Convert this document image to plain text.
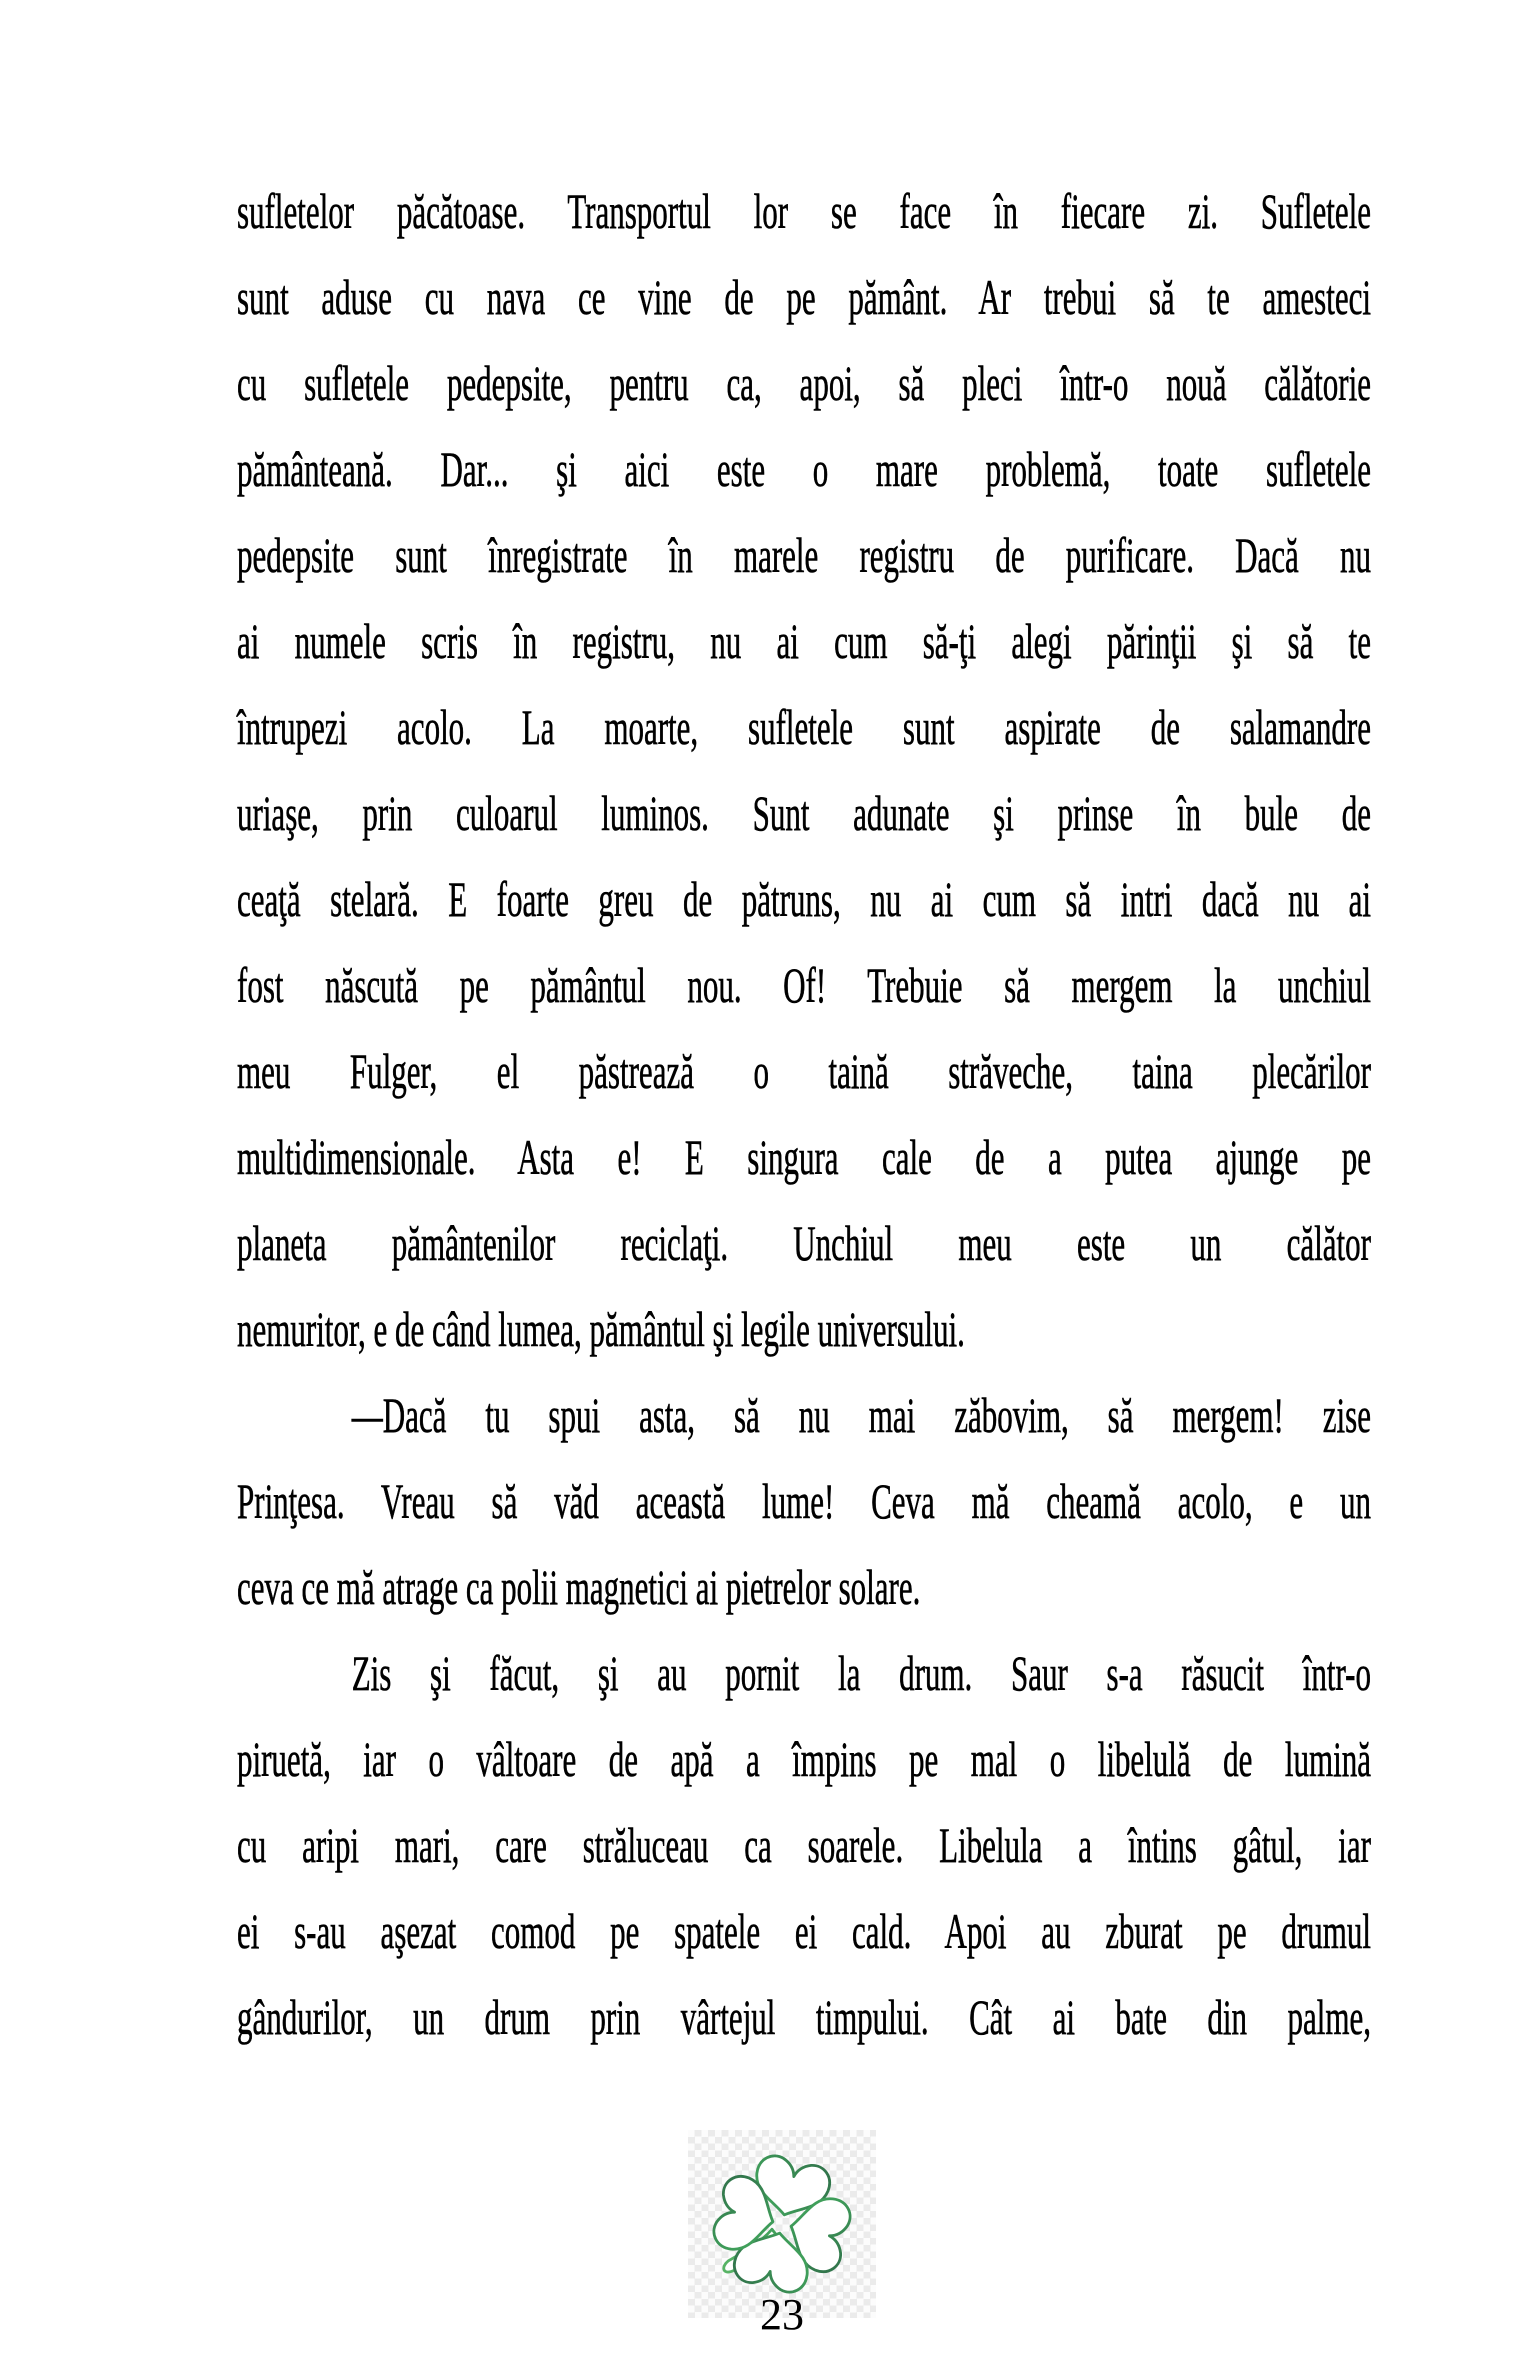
sufletelor păcătoase. Transportul lor se face în fiecare zi. Sufletele

sunt aduse cu nava ce vine de pe pământ. Ar trebui să te amesteci

cu sufletele pedepsite, pentru ca, apoi, să pleci într-o nouă călătorie

pământeană. Dar... şi aici este o mare problemă, toate sufletele

pedepsite sunt înregistrate în marele registru de purificare. Dacă nu

ai numele scris în registru, nu ai cum să-ţi alegi părinţii şi să te

întrupezi acolo. La moarte, sufletele sunt aspirate de salamandre

uriaşe, prin culoarul luminos. Sunt adunate şi prinse în bule de

ceaţă stelară. E foarte greu de pătruns, nu ai cum să intri dacă nu ai

fost născută pe pământul nou. Of! Trebuie să mergem la unchiul

meu Fulger, el păstrează o taină străveche, taina plecărilor

multidimensionale. Asta e! E singura cale de a putea ajunge pe

planeta pământenilor reciclaţi. Unchiul meu este un călător

nemuritor, e de când lumea, pământul şi legile universului.

—Dacă tu spui asta, să nu mai zăbovim, să mergem! zise

Prinţesa. Vreau să văd această lume! Ceva mă cheamă acolo, e un

ceva ce mă atrage ca polii magnetici ai pietrelor solare.

Zis şi făcut, şi au pornit la drum. Saur s-a răsucit într-o

piruetă, iar o vâltoare de apă a împins pe mal o libelulă de lumină

cu aripi mari, care străluceau ca soarele. Libelula a întins gâtul, iar

ei s-au aşezat comod pe spatele ei cald. Apoi au zburat pe drumul

gândurilor, un drum prin vârtejul timpului. Cât ai bate din palme,

23
